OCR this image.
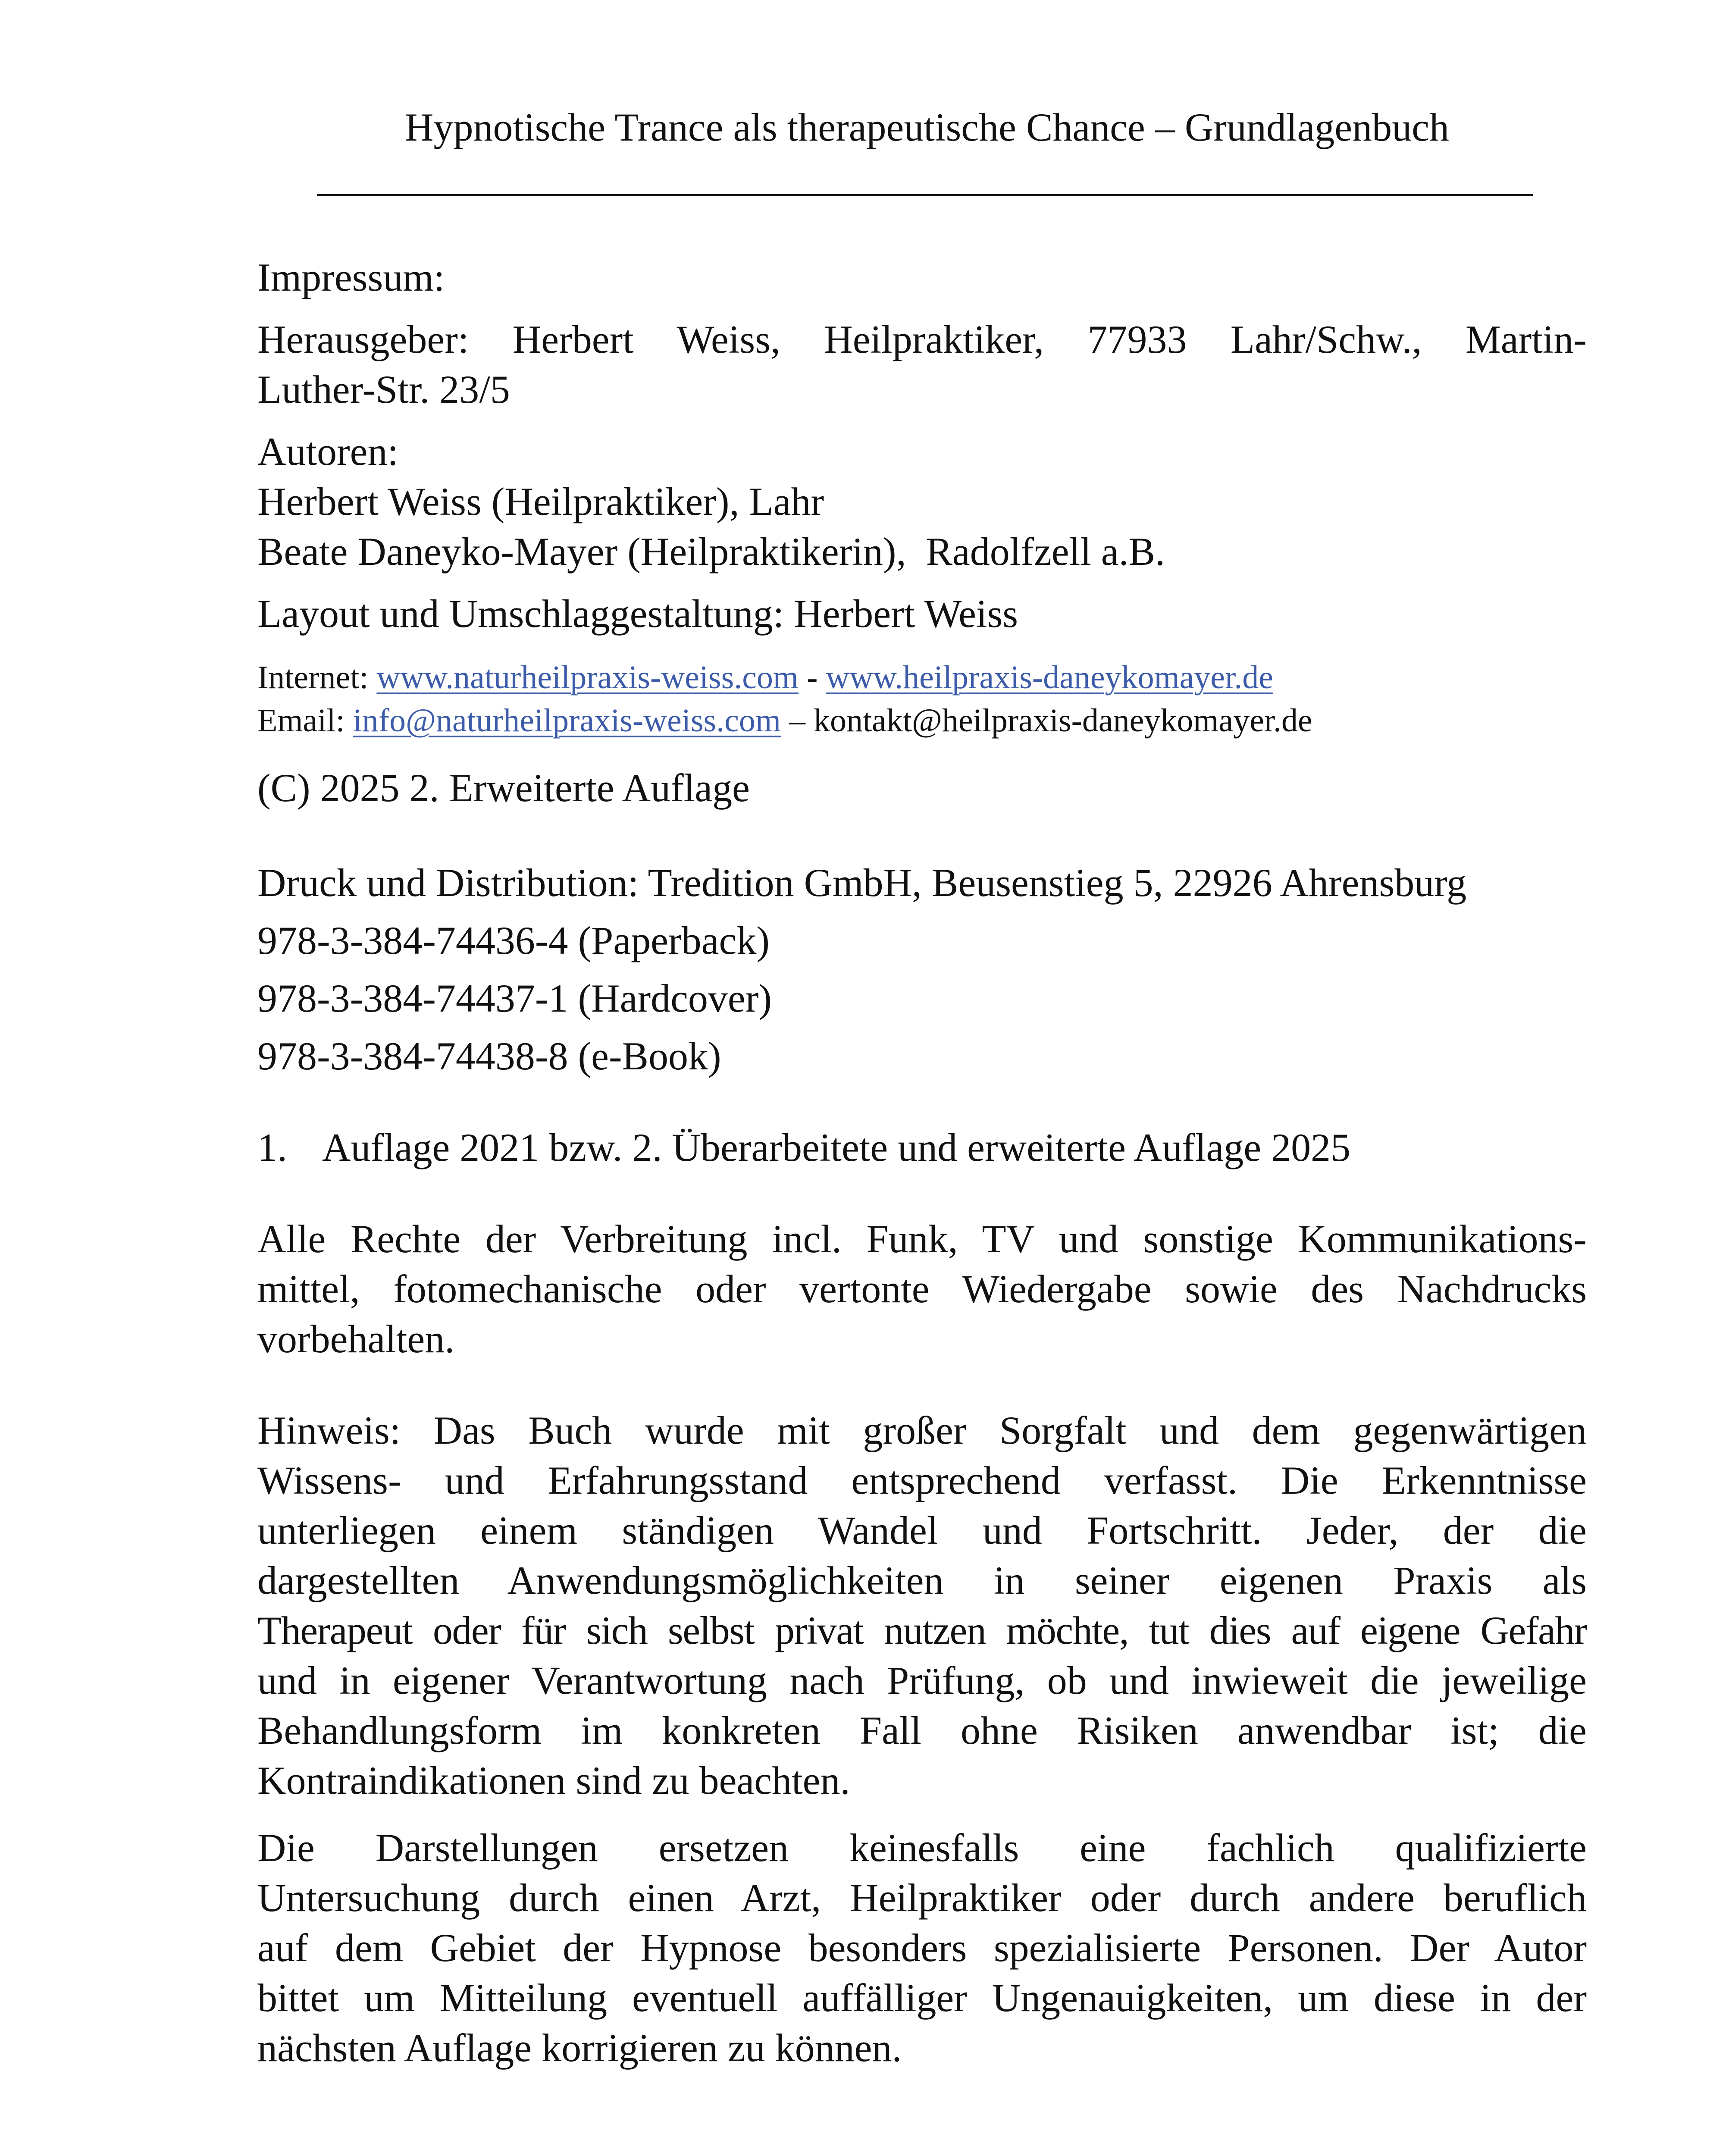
Hypnotische Trance als therapeutische Chance – Grundlagenbuch

Impressum:

Herausgeber: Herbert Weiss, Heilpraktiker, 77933 Lahr/Schw., Martin-
Luther-Str. 23/5

Autoren:
Herbert Weiss (Heilpraktiker), Lahr
Beate Daneyko-Mayer (Heilpraktikerin),  Radolfzell a.B.

Layout und Umschlaggestaltung: Herbert Weiss

Internet: www.naturheilpraxis-weiss.com - www.heilpraxis-daneykomayer.de
Email: info@naturheilpraxis-weiss.com – kontakt@heilpraxis-daneykomayer.de

(C) 2025 2. Erweiterte Auflage

Druck und Distribution: Tredition GmbH, Beusenstieg 5, 22926 Ahrensburg
978-3-384-74436-4 (Paperback)
978-3-384-74437-1 (Hardcover)
978-3-384-74438-8 (e-Book)

1. Auflage 2021 bzw. 2. Überarbeitete und erweiterte Auflage 2025

Alle Rechte der Verbreitung incl. Funk, TV und sonstige Kommunikations-
mittel, fotomechanische oder vertonte Wiedergabe sowie des Nachdrucks
vorbehalten.

Hinweis: Das Buch wurde mit großer Sorgfalt und dem gegenwärtigen
Wissens- und Erfahrungsstand entsprechend verfasst. Die Erkenntnisse
unterliegen einem ständigen Wandel und Fortschritt. Jeder, der die
dargestellten Anwendungsmöglichkeiten in seiner eigenen Praxis als
Therapeut oder für sich selbst privat nutzen möchte, tut dies auf eigene Gefahr
und in eigener Verantwortung nach Prüfung, ob und inwieweit die jeweilige
Behandlungsform im konkreten Fall ohne Risiken anwendbar ist; die
Kontraindikationen sind zu beachten.

Die Darstellungen ersetzen keinesfalls eine fachlich qualifizierte
Untersuchung durch einen Arzt, Heilpraktiker oder durch andere beruflich
auf dem Gebiet der Hypnose besonders spezialisierte Personen. Der Autor
bittet um Mitteilung eventuell auffälliger Ungenauigkeiten, um diese in der
nächsten Auflage korrigieren zu können.
